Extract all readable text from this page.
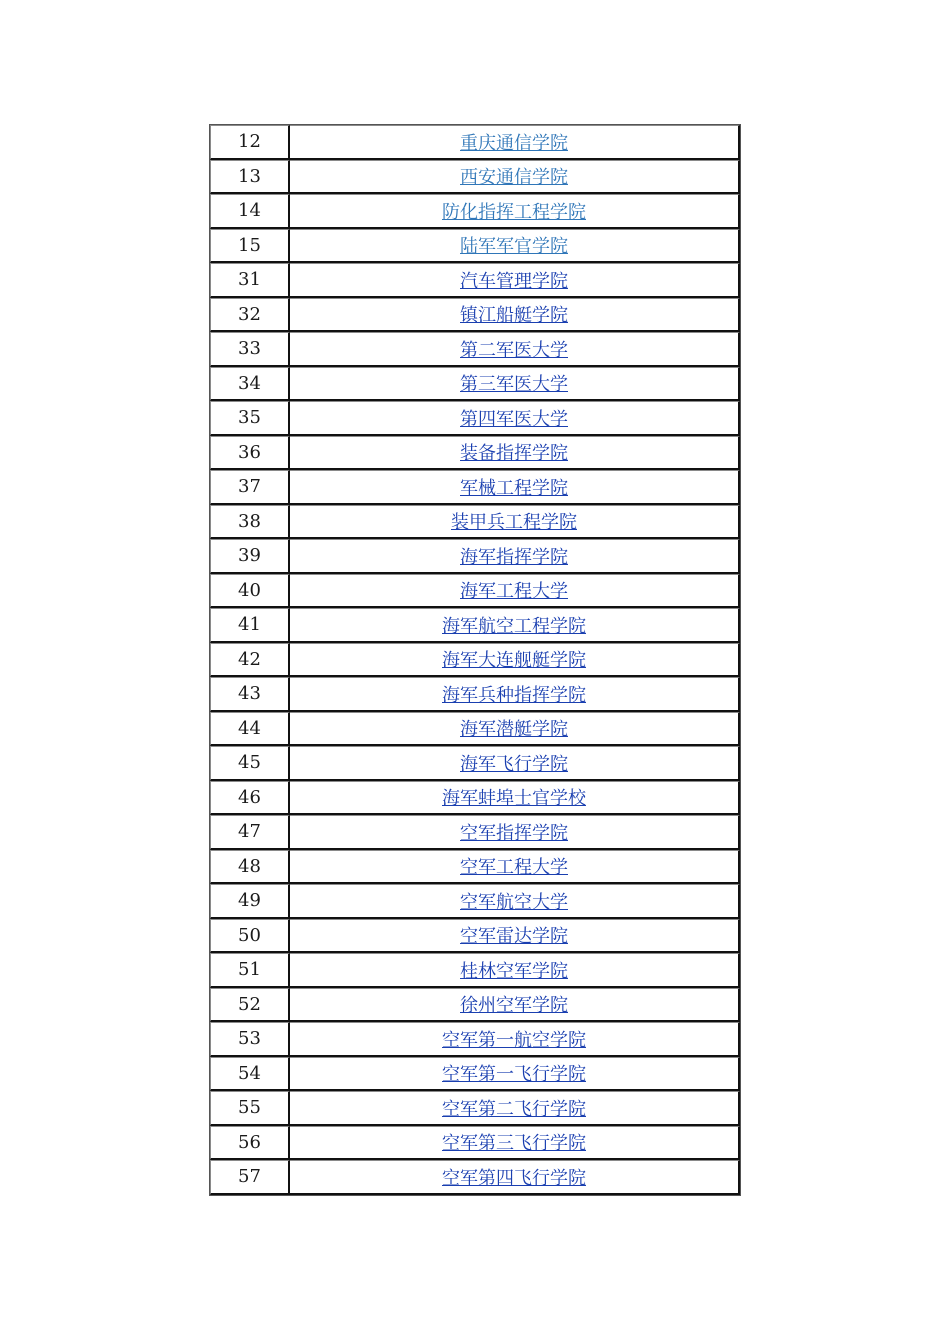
12	重庆通信学院
13	西安通信学院
14	防化指挥工程学院
15	陆军军官学院
31	汽车管理学院
32	镇江船艇学院
33	第二军医大学
34	第三军医大学
35	第四军医大学
36	装备指挥学院
37	军械工程学院
38	装甲兵工程学院
39	海军指挥学院
40	海军工程大学
41	海军航空工程学院
42	海军大连舰艇学院
43	海军兵种指挥学院
44	海军潜艇学院
45	海军飞行学院
46	海军蚌埠士官学校
47	空军指挥学院
48	空军工程大学
49	空军航空大学
50	空军雷达学院
51	桂林空军学院
52	徐州空军学院
53	空军第一航空学院
54	空军第一飞行学院
55	空军第二飞行学院
56	空军第三飞行学院
57	空军第四飞行学院
